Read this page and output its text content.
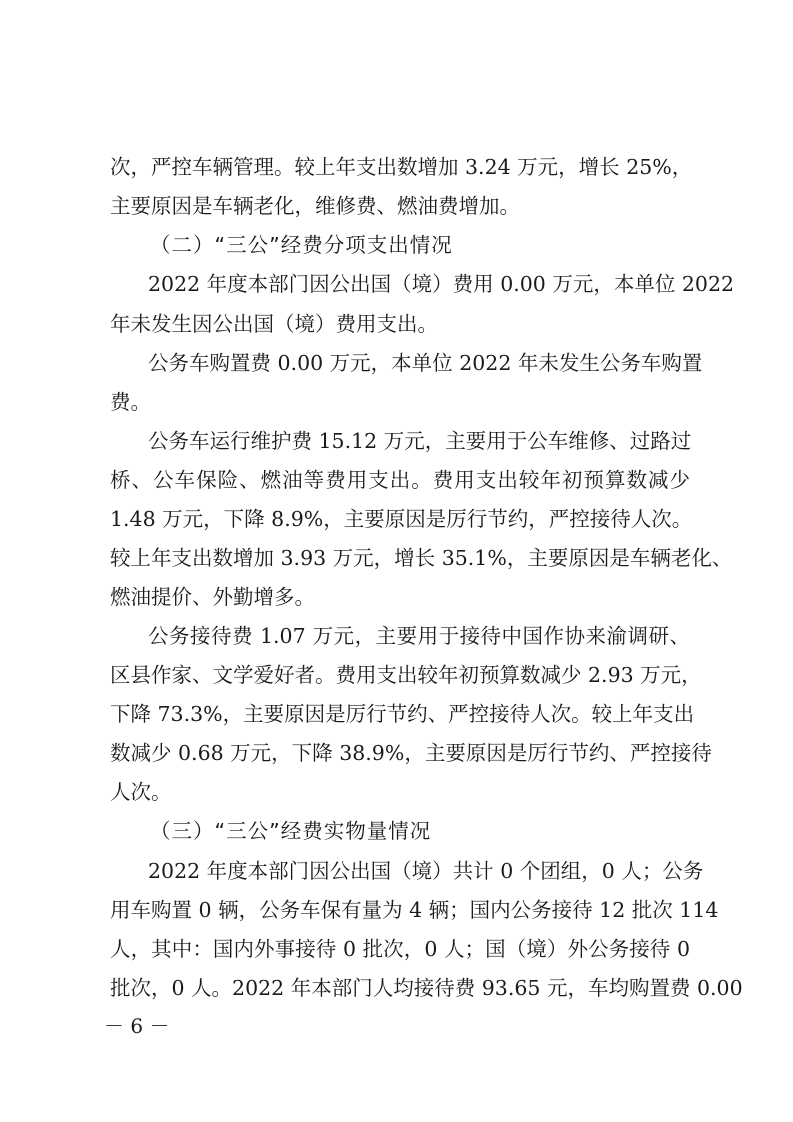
次，严控车辆管理。较上年支出数增加 3.24 万元，增长 25%，
主要原因是车辆老化，维修费、燃油费增加。
（二）“三公”经费分项支出情况
2022 年度本部门因公出国（境）费用 0.00 万元，本单位 2022
年未发生因公出国（境）费用支出。
公务车购置费 0.00 万元，本单位 2022 年未发生公务车购置
费。
公务车运行维护费 15.12 万元，主要用于公车维修、过路过
桥、公车保险、燃油等费用支出。费用支出较年初预算数减少
1.48 万元，下降 8.9%，主要原因是厉行节约，严控接待人次。
较上年支出数增加 3.93 万元，增长 35.1%，主要原因是车辆老化、
燃油提价、外勤增多。
公务接待费 1.07 万元，主要用于接待中国作协来渝调研、
区县作家、文学爱好者。费用支出较年初预算数减少 2.93 万元，
下降 73.3%，主要原因是厉行节约、严控接待人次。较上年支出
数减少 0.68 万元，下降 38.9%，主要原因是厉行节约、严控接待
人次。
（三）“三公”经费实物量情况
2022 年度本部门因公出国（境）共计 0 个团组，0 人；公务
用车购置 0 辆，公务车保有量为 4 辆；国内公务接待 12 批次 114
人，其中：国内外事接待 0 批次，0 人；国（境）外公务接待 0
批次，0 人。2022 年本部门人均接待费 93.65 元，车均购置费 0.00
－ 6 －
